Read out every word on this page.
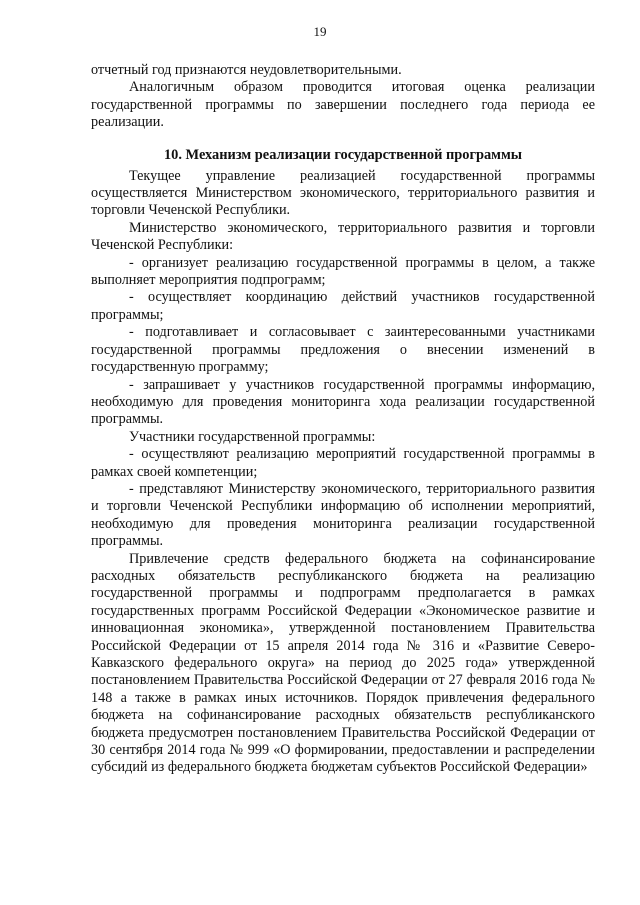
19

отчетный год признаются неудовлетворительными.

Аналогичным образом проводится итоговая оценка реализации государственной программы по завершении последнего года периода ее реализации.

10. Механизм реализации государственной программы

Текущее управление реализацией государственной программы осуществляется Министерством экономического, территориального развития и торговли Чеченской Республики.

Министерство экономического, территориального развития и торговли Чеченской Республики:

- организует реализацию государственной программы в целом, а также выполняет мероприятия подпрограмм;

- осуществляет координацию действий участников государственной программы;

- подготавливает и согласовывает с заинтересованными участниками государственной программы предложения о внесении изменений в государственную программу;

- запрашивает у участников государственной программы информацию, необходимую для проведения мониторинга хода реализации государственной программы.

Участники государственной программы:

- осуществляют реализацию мероприятий государственной программы в рамках своей компетенции;

- представляют Министерству экономического, территориального развития и торговли Чеченской Республики информацию об исполнении мероприятий, необходимую для проведения мониторинга реализации государственной программы.

Привлечение средств федерального бюджета на софинансирование расходных обязательств республиканского бюджета на реализацию государственной программы и подпрограмм предполагается в рамках государственных программ Российской Федерации «Экономическое развитие и инновационная экономика», утвержденной постановлением Правительства Российской Федерации от 15 апреля 2014 года № 316 и «Развитие Северо-Кавказского федерального округа» на период до 2025 года» утвержденной постановлением Правительства Российской Федерации от 27 февраля 2016 года № 148 а также в рамках иных источников. Порядок привлечения федерального бюджета на софинансирование расходных обязательств республиканского бюджета предусмотрен постановлением Правительства Российской Федерации от 30 сентября 2014 года № 999 «О формировании, предоставлении и распределении субсидий из федерального бюджета бюджетам субъектов Российской Федерации»
